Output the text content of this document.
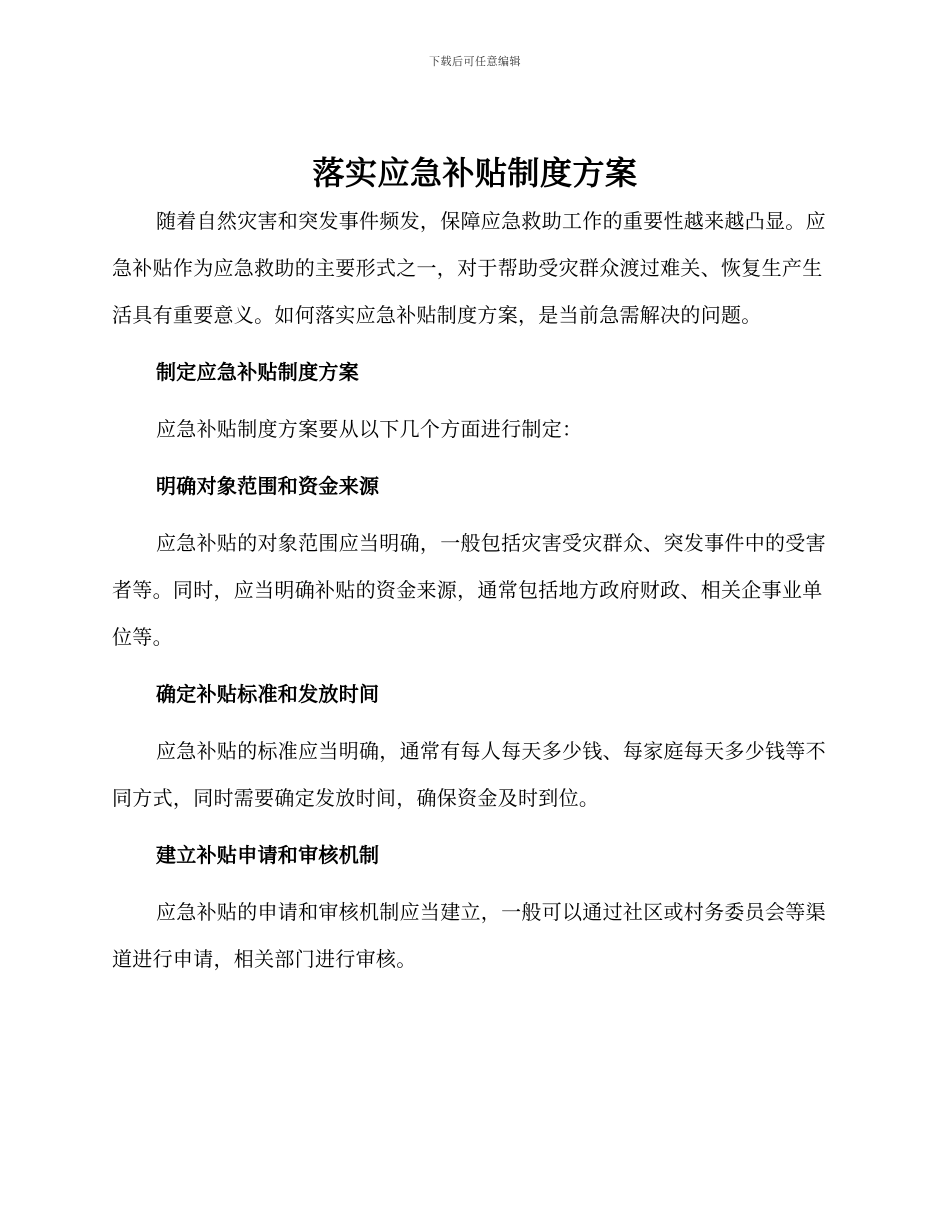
下载后可任意编辑
落实应急补贴制度方案

随着自然灾害和突发事件频发，保障应急救助工作的重要性越来越凸显。应急补贴作为应急救助的主要形式之一，对于帮助受灾群众渡过难关、恢复生产生活具有重要意义。如何落实应急补贴制度方案，是当前急需解决的问题。

制定应急补贴制度方案

应急补贴制度方案要从以下几个方面进行制定：

明确对象范围和资金来源

应急补贴的对象范围应当明确，一般包括灾害受灾群众、突发事件中的受害者等。同时，应当明确补贴的资金来源，通常包括地方政府财政、相关企事业单位等。

确定补贴标准和发放时间

应急补贴的标准应当明确，通常有每人每天多少钱、每家庭每天多少钱等不同方式，同时需要确定发放时间，确保资金及时到位。

建立补贴申请和审核机制

应急补贴的申请和审核机制应当建立，一般可以通过社区或村务委员会等渠道进行申请，相关部门进行审核。
